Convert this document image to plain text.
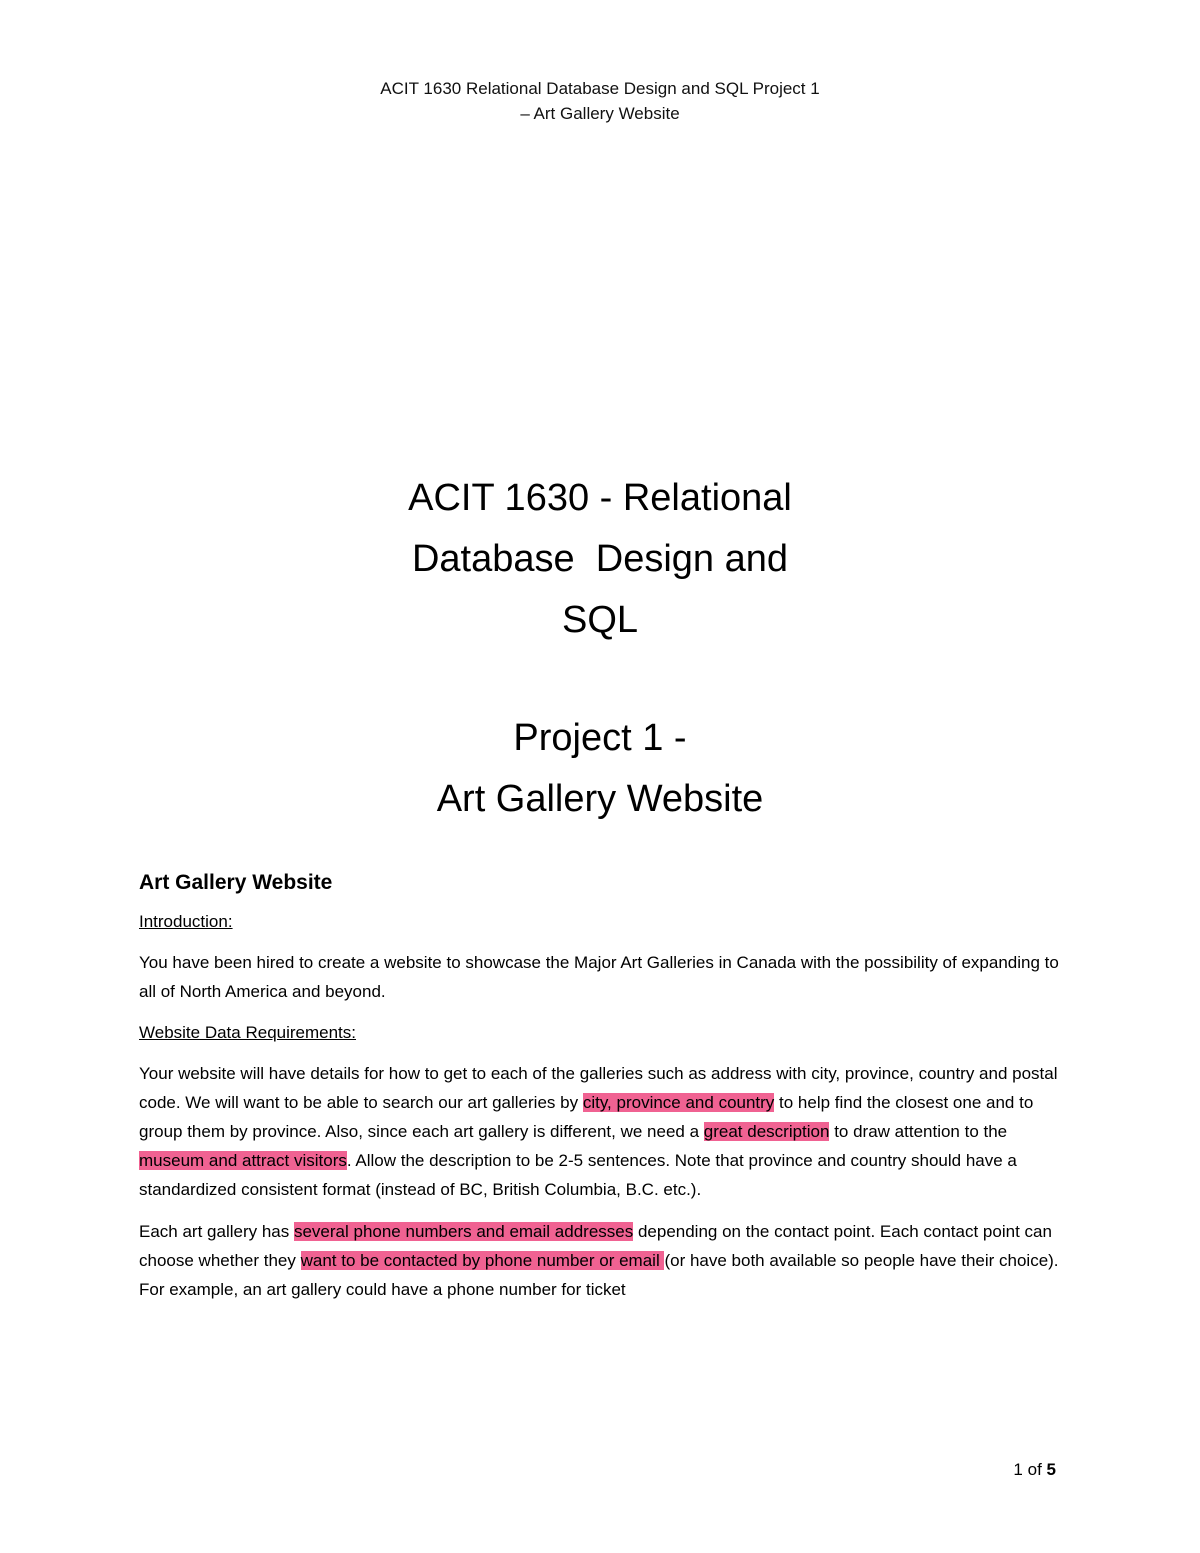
ACIT 1630 Relational Database Design and SQL Project 1
– Art Gallery Website
ACIT 1630 - Relational
Database  Design and
SQL
Project 1 -
Art Gallery Website
Art Gallery Website
Introduction:

You have been hired to create a website to showcase the Major Art Galleries in Canada with the possibility of expanding to all of North America and beyond.

Website Data Requirements:

Your website will have details for how to get to each of the galleries such as address with city, province, country and postal code. We will want to be able to search our art galleries by city, province and country to help find the closest one and to group them by province. Also, since each art gallery is different, we need a great description to draw attention to the museum and attract visitors. Allow the description to be 2-5 sentences. Note that province and country should have a standardized consistent format (instead of BC, British Columbia, B.C. etc.).

Each art gallery has several phone numbers and email addresses depending on the contact point. Each contact point can choose whether they want to be contacted by phone number or email (or have both available so people have their choice). For example, an art gallery could have a phone number for ticket

1 of 5
